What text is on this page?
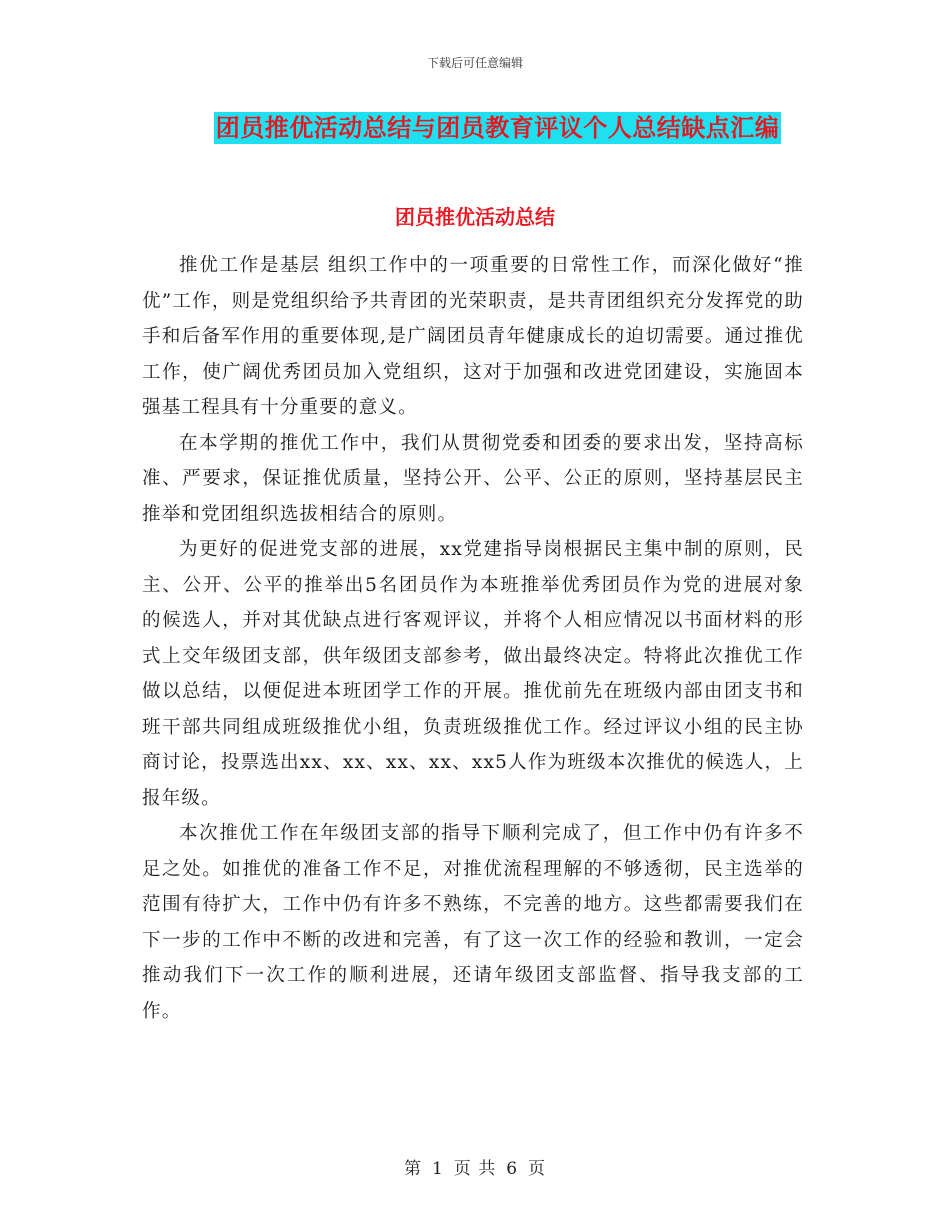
下载后可任意编辑
团员推优活动总结与团员教育评议个人总结缺点汇编
团员推优活动总结

推优工作是基层 组织工作中的一项重要的日常性工作，而深化做好“推优”工作，则是党组织给予共青团的光荣职责，是共青团组织充分发挥党的助手和后备军作用的重要体现,是广阔团员青年健康成长的迫切需要。通过推优工作，使广阔优秀团员加入党组织，这对于加强和改进党团建设，实施固本强基工程具有十分重要的意义。

在本学期的推优工作中，我们从贯彻党委和团委的要求出发，坚持高标准、严要求，保证推优质量，坚持公开、公平、公正的原则，坚持基层民主推举和党团组织选拔相结合的原则。

为更好的促进党支部的进展，xx党建指导岗根据民主集中制的原则，民主、公开、公平的推举出5名团员作为本班推举优秀团员作为党的进展对象的候选人，并对其优缺点进行客观评议，并将个人相应情况以书面材料的形式上交年级团支部，供年级团支部参考，做出最终决定。特将此次推优工作做以总结，以便促进本班团学工作的开展。推优前先在班级内部由团支书和班干部共同组成班级推优小组，负责班级推优工作。经过评议小组的民主协商讨论，投票选出xx、xx、xx、xx、xx5人作为班级本次推优的候选人，上报年级。

本次推优工作在年级团支部的指导下顺利完成了，但工作中仍有许多不足之处。如推优的准备工作不足，对推优流程理解的不够透彻，民主选举的范围有待扩大，工作中仍有许多不熟练，不完善的地方。这些都需要我们在下一步的工作中不断的改进和完善，有了这一次工作的经验和教训，一定会推动我们下一次工作的顺利进展，还请年级团支部监督、指导我支部的工作。

第 1 页 共 6 页
